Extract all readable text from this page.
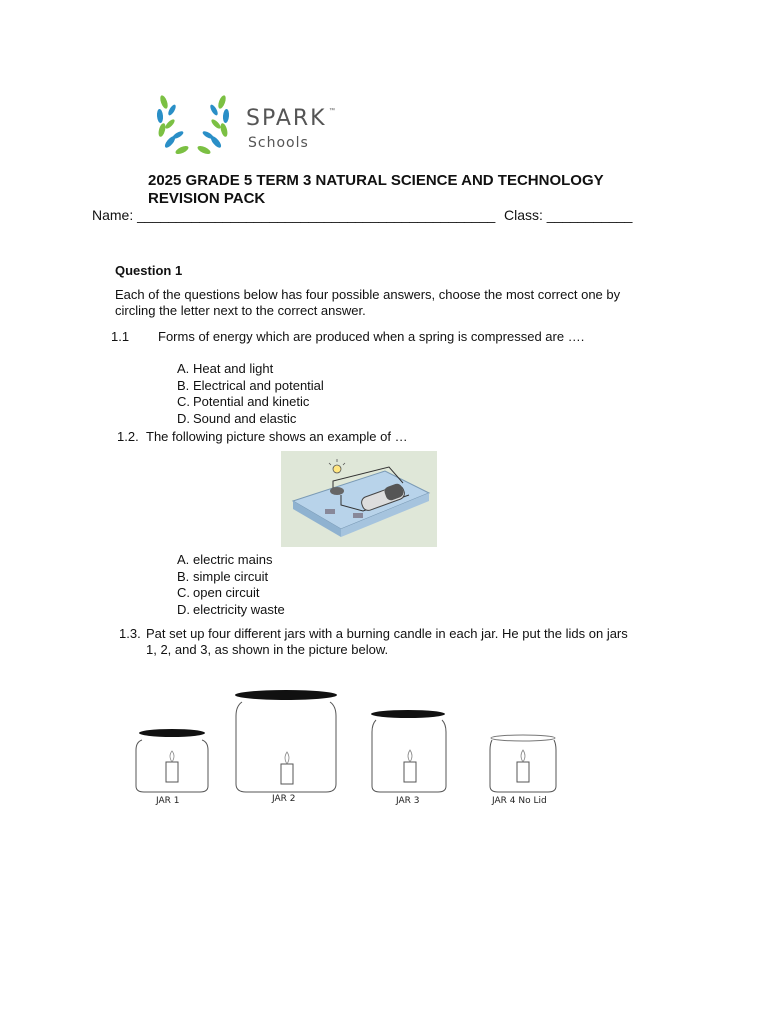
SPARK ™
Schools
2025 GRADE 5 TERM 3 NATURAL SCIENCE AND TECHNOLOGY REVISION PACK
Name: ______________________________________________ Class: ___________
Question 1
Each of the questions below has four possible answers, choose the most correct one by circling the letter next to the correct answer.
1.1 Forms of energy which are produced when a spring is compressed are ….
A. Heat and light
B. Electrical and potential
C. Potential and kinetic
D. Sound and elastic
1.2. The following picture shows an example of …
A. electric mains
B. simple circuit
C. open circuit
D. electricity waste
1.3. Pat set up four different jars with a burning candle in each jar. He put the lids on jars 1, 2, and 3, as shown in the picture below.
JAR 1	JAR 2	JAR 3	JAR 4 No Lid
